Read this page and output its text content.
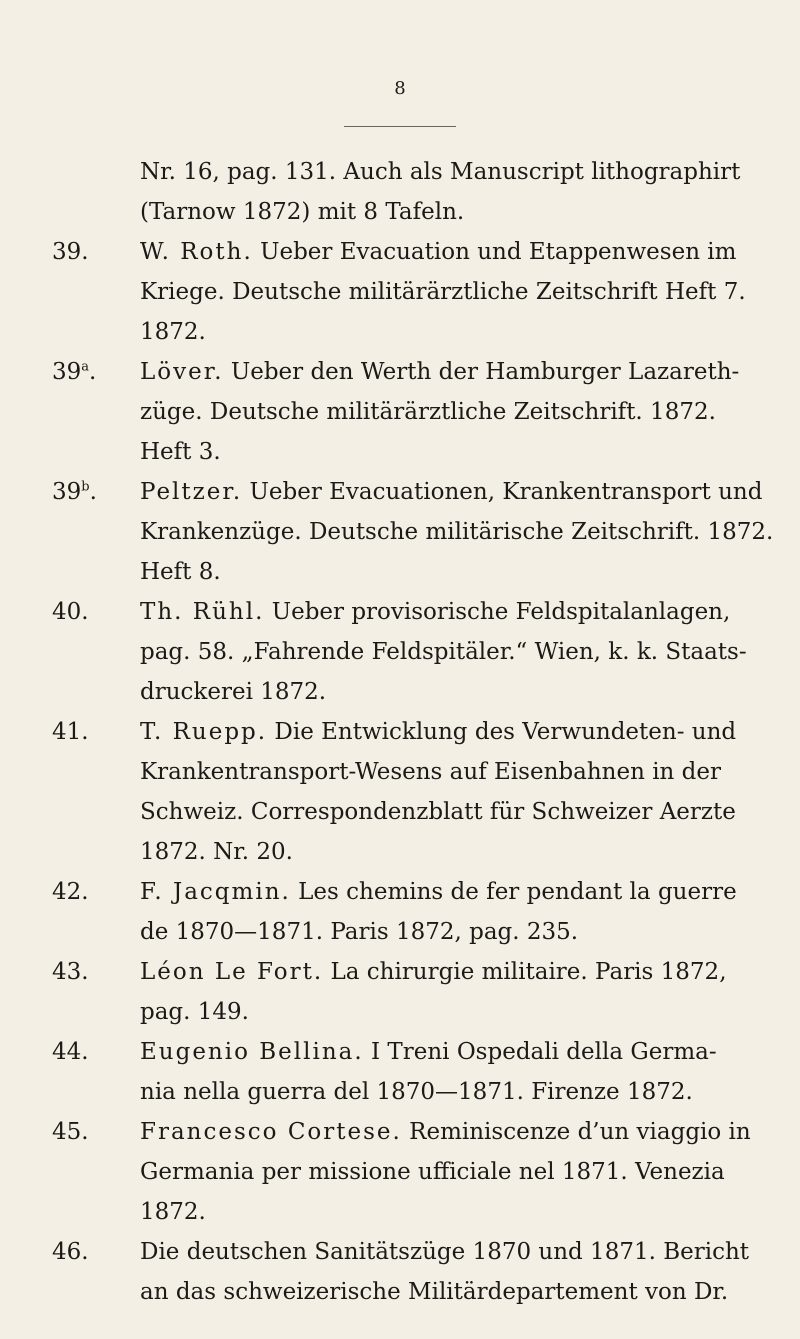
8
Nr. 16, pag. 131. Auch als Manuscript lithographirt
(Tarnow 1872) mit 8 Tafeln.
39. W. Roth. Ueber Evacuation und Etappenwesen im
Kriege. Deutsche militärärztliche Zeitschrift Heft 7.
1872.
39$^a$. Löver. Ueber den Werth der Hamburger Lazareth-
züge. Deutsche militärärztliche Zeitschrift. 1872.
Heft 3.
39$^b$. Peltzer. Ueber Evacuationen, Krankentransport und
Krankenzüge. Deutsche militärische Zeitschrift. 1872.
Heft 8.
40. Th. Rühl. Ueber provisorische Feldspitalanlagen,
pag. 58. „Fahrende Feldspitäler.“ Wien, k. k. Staats-
druckerei 1872.
41. T. Ruepp. Die Entwicklung des Verwundeten- und
Krankentransport-Wesens auf Eisenbahnen in der
Schweiz. Correspondenzblatt für Schweizer Aerzte
1872. Nr. 20.
42. F. Jacqmin. Les chemins de fer pendant la guerre
de 1870—1871. Paris 1872, pag. 235.
43. Léon Le Fort. La chirurgie militaire. Paris 1872,
pag. 149.
44. Eugenio Bellina. I Treni Ospedali della Germa-
nia nella guerra del 1870—1871. Firenze 1872.
45. Francesco Cortese. Reminiscenze d’un viaggio in
Germania per missione ufficiale nel 1871. Venezia
1872.
46. Die deutschen Sanitätszüge 1870 und 1871. Bericht
an das schweizerische Militärdepartement von Dr.
